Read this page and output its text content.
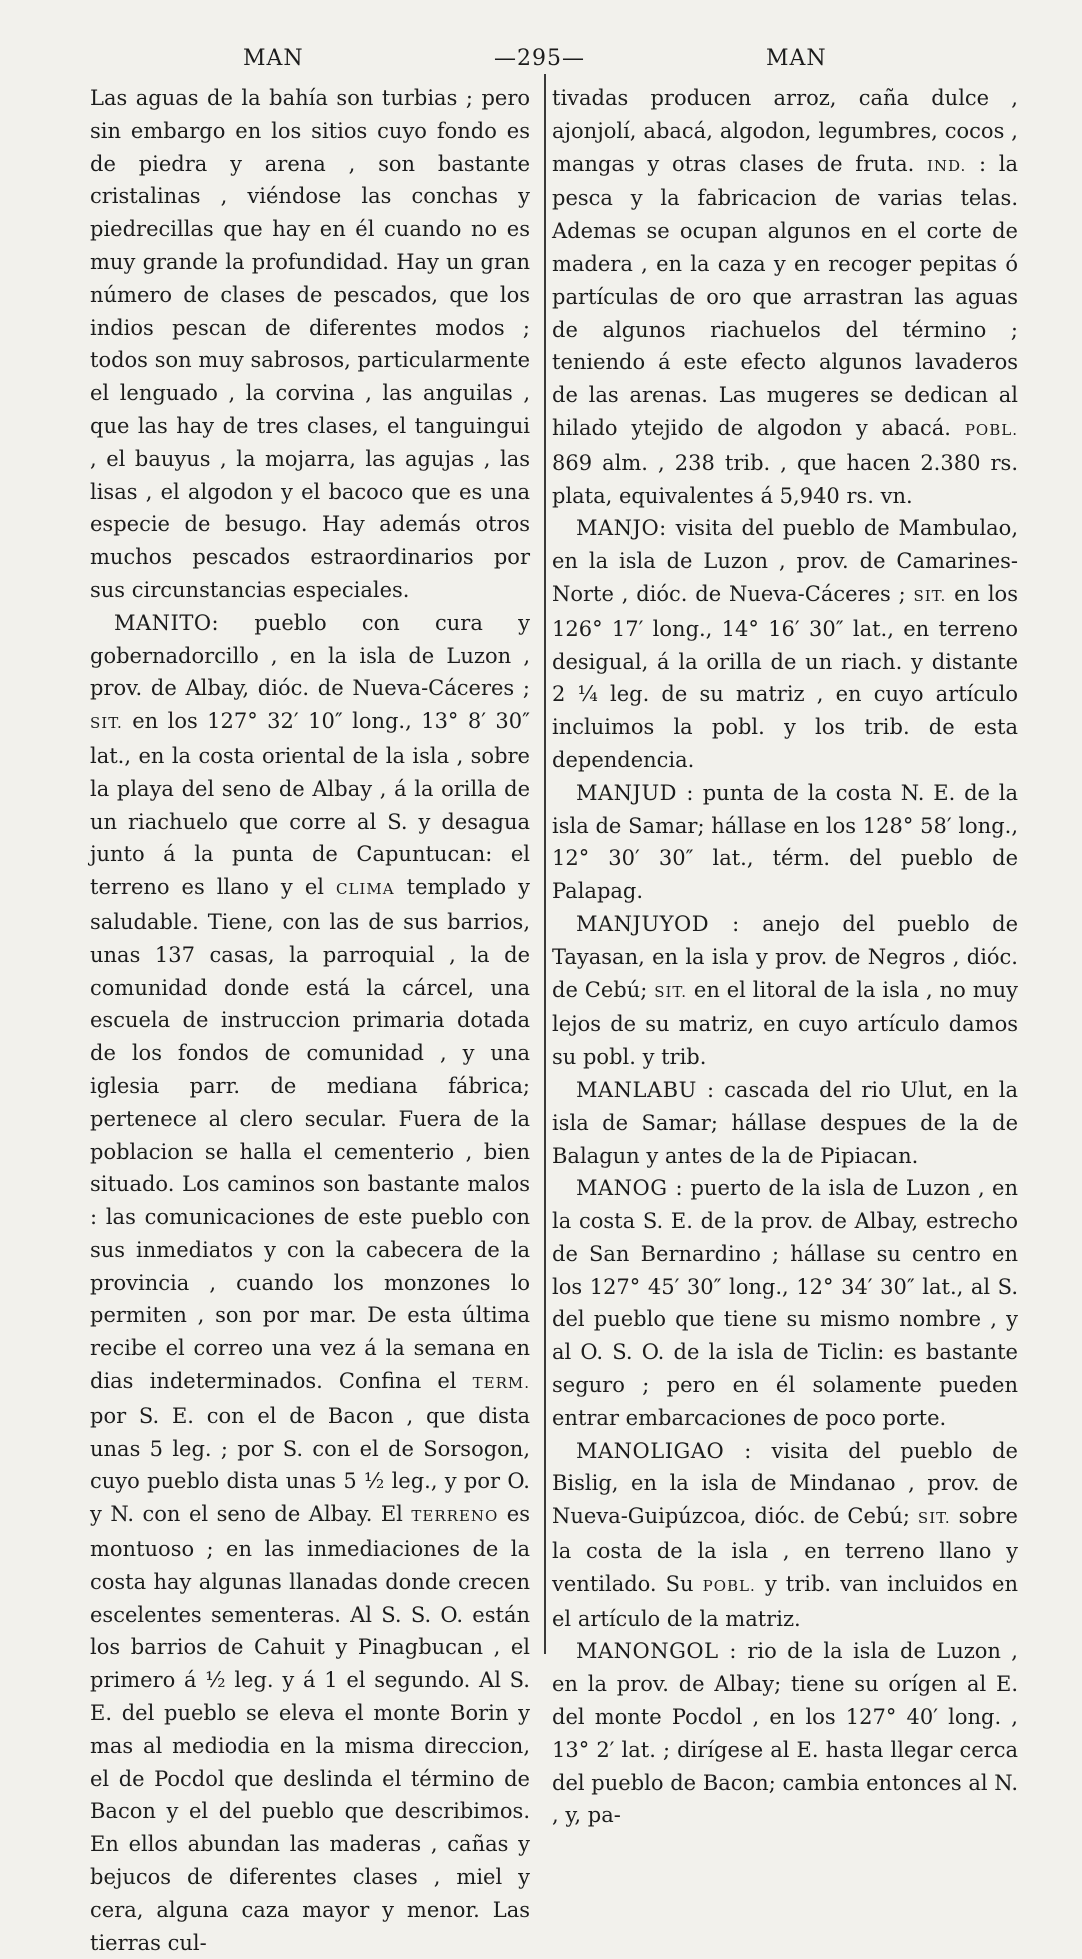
MAN	—295—	MAN

Las aguas de la bahía son turbias ; pero sin embargo en los sitios cuyo fondo es de piedra y arena , son bastante cristalinas , viéndose las conchas y piedrecillas que hay en él cuando no es muy grande la profundidad. Hay un gran número de clases de pescados, que los indios pescan de diferentes modos ; todos son muy sabrosos, particularmente el lenguado , la corvina , las anguilas , que las hay de tres clases, el tanguingui , el bauyus , la mojarra, las agujas , las lisas , el algodon y el bacoco que es una especie de besugo. Hay además otros muchos pescados estraordinarios por sus circunstancias especiales.

MANITO: pueblo con cura y gobernadorcillo , en la isla de Luzon , prov. de Albay, dióc. de Nueva-Cáceres ; SIT. en los 127° 32′ 10″ long., 13° 8′ 30″ lat., en la costa oriental de la isla , sobre la playa del seno de Albay , á la orilla de un riachuelo que corre al S. y desagua junto á la punta de Capuntucan: el terreno es llano y el CLIMA templado y saludable. Tiene, con las de sus barrios, unas 137 casas, la parroquial , la de comunidad donde está la cárcel, una escuela de instruccion primaria dotada de los fondos de comunidad , y una iglesia parr. de mediana fábrica; pertenece al clero secular. Fuera de la poblacion se halla el cementerio , bien situado. Los caminos son bastante malos : las comunicaciones de este pueblo con sus inmediatos y con la cabecera de la provincia , cuando los monzones lo permiten , son por mar. De esta última recibe el correo una vez á la semana en dias indeterminados. Confina el TERM. por S. E. con el de Bacon , que dista unas 5 leg. ; por S. con el de Sorsogon, cuyo pueblo dista unas 5 ½ leg., y por O. y N. con el seno de Albay. El TERRENO es montuoso ; en las inmediaciones de la costa hay algunas llanadas donde crecen escelentes sementeras. Al S. S. O. están los barrios de Cahuit y Pinagbucan , el primero á ½ leg. y á 1 el segundo. Al S. E. del pueblo se eleva el monte Borin y mas al mediodia en la misma direccion, el de Pocdol que deslinda el término de Bacon y el del pueblo que describimos. En ellos abundan las maderas , cañas y bejucos de diferentes clases , miel y cera, alguna caza mayor y menor. Las tierras cul-

tivadas producen arroz, caña dulce , ajonjolí, abacá, algodon, legumbres, cocos , mangas y otras clases de fruta. IND. : la pesca y la fabricacion de varias telas. Ademas se ocupan algunos en el corte de madera , en la caza y en recoger pepitas ó partículas de oro que arrastran las aguas de algunos riachuelos del término ; teniendo á este efecto algunos lavaderos de las arenas. Las mugeres se dedican al hilado ytejido de algodon y abacá. POBL. 869 alm. , 238 trib. , que hacen 2.380 rs. plata, equivalentes á 5,940 rs. vn.

MANJO: visita del pueblo de Mambulao, en la isla de Luzon , prov. de Camarines-Norte , dióc. de Nueva-Cáceres ; SIT. en los 126° 17′ long., 14° 16′ 30″ lat., en terreno desigual, á la orilla de un riach. y distante 2 ¼ leg. de su matriz , en cuyo artículo incluimos la pobl. y los trib. de esta dependencia.

MANJUD : punta de la costa N. E. de la isla de Samar; hállase en los 128° 58′ long., 12° 30′ 30″ lat., térm. del pueblo de Palapag.

MANJUYOD : anejo del pueblo de Tayasan, en la isla y prov. de Negros , dióc. de Cebú; SIT. en el litoral de la isla , no muy lejos de su matriz, en cuyo artículo damos su pobl. y trib.

MANLABU : cascada del rio Ulut, en la isla de Samar; hállase despues de la de Balagun y antes de la de Pipiacan.

MANOG : puerto de la isla de Luzon , en la costa S. E. de la prov. de Albay, estrecho de San Bernardino ; hállase su centro en los 127° 45′ 30″ long., 12° 34′ 30″ lat., al S. del pueblo que tiene su mismo nombre , y al O. S. O. de la isla de Ticlin: es bastante seguro ; pero en él solamente pueden entrar embarcaciones de poco porte.

MANOLIGAO : visita del pueblo de Bislig, en la isla de Mindanao , prov. de Nueva-Guipúzcoa, dióc. de Cebú; SIT. sobre la costa de la isla , en terreno llano y ventilado. Su POBL. y trib. van incluidos en el artículo de la matriz.

MANONGOL : rio de la isla de Luzon , en la prov. de Albay; tiene su orígen al E. del monte Pocdol , en los 127° 40′ long. , 13° 2′ lat. ; dirígese al E. hasta llegar cerca del pueblo de Bacon; cambia entonces al N. , y, pa-
